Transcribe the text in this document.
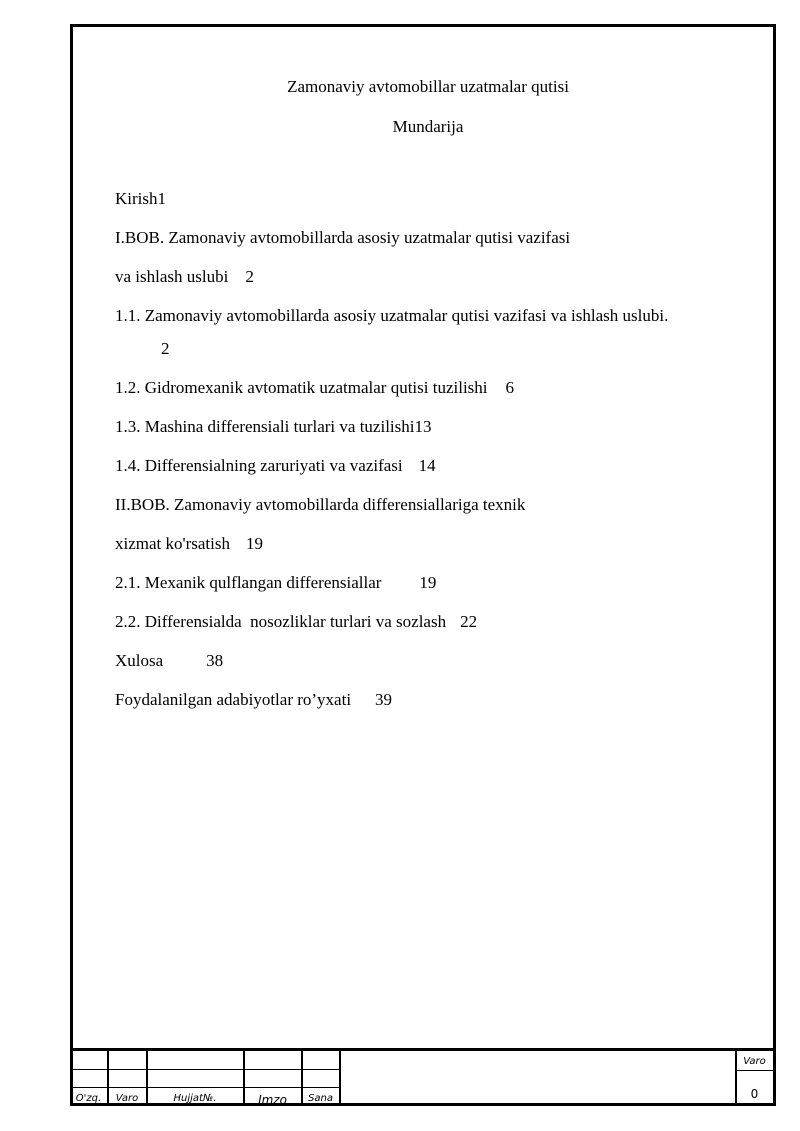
Zamonaviy avtomobillar uzatmalar qutisi
Mundarija
Kirish1
I.BOB. Zamonaviy avtomobillarda asosiy uzatmalar qutisi vazifasi
va ishlash uslubi 2
1.1. Zamonaviy avtomobillarda asosiy uzatmalar qutisi vazifasi va ishlash uslubi.
2
1.2. Gidromexanik avtomatik uzatmalar qutisi tuzilishi 6
1.3. Mashina differensiali turlari va tuzilishi13
1.4. Differensialning zaruriyati va vazifasi 14
II.BOB. Zamonaviy avtomobillarda differensiallariga texnik
xizmat ko'rsatish 19
2.1. Mexanik qulflangan differensiallar 19
2.2. Differensialda  nosozliklar turlari va sozlash 22
Xulosa	38
Foydalanilgan adabiyotlar ro’yxati 39
O'zq.	Varo	Hujjat№.	Imzo	Sana
Varo
0
